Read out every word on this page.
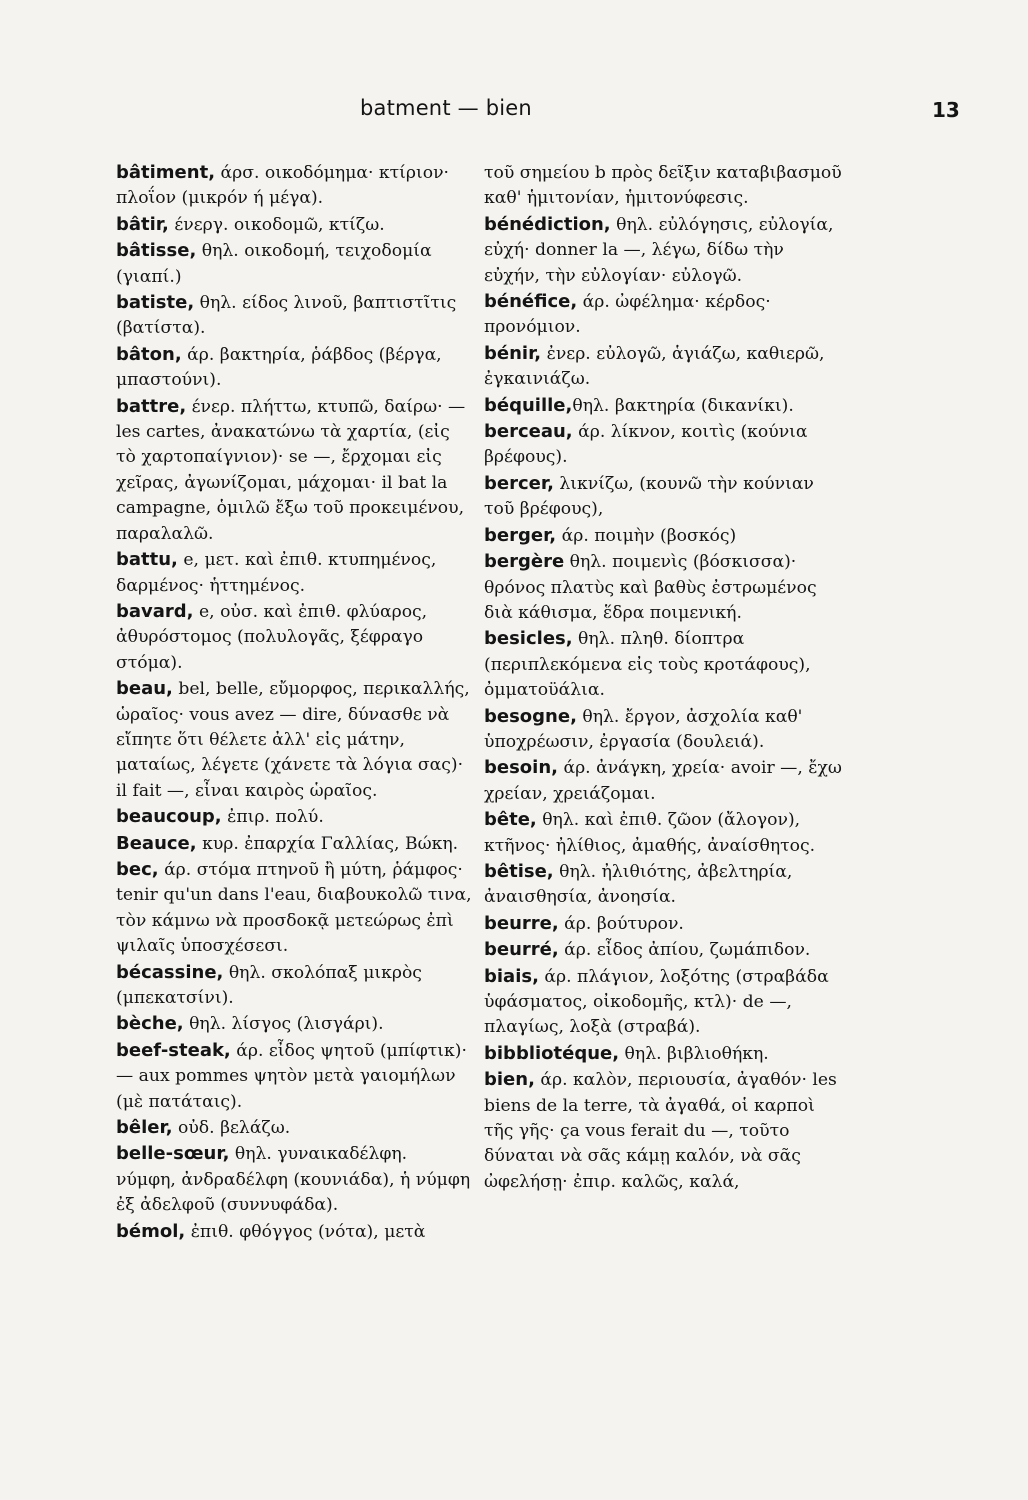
batment — bien	13
bâtiment, άρσ. οικοδόμημα· κτίριον· πλοΐον (μικρόν ή μέγα).
bâtir, ένεργ. οικοδομῶ, κτίζω.
bâtisse, θηλ. οικοδομή, τειχοδομία (γιαπί.)
batiste, θηλ. είδος λινοῦ, βαπτιστῖτις (βατίστα).
bâton, άρ. βακτηρία, ῥάβδος (βέργα, μπαστούνι).
battre, ένερ. πλήττω, κτυπῶ, δαίρω· — les cartes, ἀνακατώνω τὰ χαρτία, (εἰς τὸ χαρτοπαίγνιον)· se —, ἔρχομαι εἰς χεῖρας, ἀγωνίζομαι, μάχομαι· il bat la campagne, ὁμιλῶ ἔξω τοῦ προκειμένου, παραλαλῶ.
battu, e, μετ. καὶ ἐπιθ. κτυπημένος, δαρμένος· ἡττημένος.
bavard, e, οὐσ. καὶ ἐπιθ. φλύαρος, ἀθυρόστομος (πολυλογᾶς, ξέφραγο στόμα).
beau, bel, belle, εὔμορφος, περικαλλής, ὡραῖος· vous avez — dire, δύνασθε νὰ εἴπητε ὅτι θέλετε ἀλλ' εἰς μάτην, ματαίως, λέγετε (χάνετε τὰ λόγια σας)· il fait —, εἶναι καιρὸς ὡραῖος.
beaucoup, ἐπιρ. πολύ.
Beauce, κυρ. ἐπαρχία Γαλλίας, Βώκη.
bec, άρ. στόμα πτηνοῦ ἢ μύτη, ῥάμφος· tenir qu'un dans l'eau, διαβουκολῶ τινα, τὸν κάμνω νὰ προσδοκᾷ μετεώρως ἐπὶ ψιλαῖς ὑποσχέσεσι.
bécassine, θηλ. σκολόπαξ μικρὸς (μπεκατσίνι).
bèche, θηλ. λίσγος (λισγάρι).
beef-steak, άρ. εἶδος ψητοῦ (μπίφτικ)· — aux pommes ψητὸν μετὰ γαιομήλων (μὲ πατάταις).
bêler, οὐδ. βελάζω.
belle-sœur, θηλ. γυναικαδέλφη. νύμφη, ἀνδραδέλφη (κουνιάδα), ἡ νύμφη ἐξ ἀδελφοῦ (συννυφάδα).
bémol, ἐπιθ. φθόγγος (νότα), μετὰ
τοῦ σημείου b πρὸς δεῖξιν καταβιβασμοῦ καθ' ἡμιτονίαν, ἡμιτονύφεσις.
bénédiction, θηλ. εὐλόγησις, εὐλογία, εὐχή· donner la —, λέγω, δίδω τὴν εὐχήν, τὴν εὐλογίαν· εὐλογῶ.
bénéfice, άρ. ὠφέλημα· κέρδος· προνόμιον.
bénir, ἐνερ. εὐλογῶ, ἁγιάζω, καθιερῶ, ἐγκαινιάζω.
béquille,θηλ. βακτηρία (δικανίκι).
berceau, άρ. λίκνον, κοιτὶς (κούνια βρέφους).
bercer, λικνίζω, (κουνῶ τὴν κούνιαν τοῦ βρέφους),
berger, άρ. ποιμὴν (βοσκός)
bergère θηλ. ποιμενὶς (βόσκισσα)· θρόνος πλατὺς καὶ βαθὺς ἐστρωμένος διὰ κάθισμα, ἕδρα ποιμενική.
besicles, θηλ. πληθ. δίοπτρα (περιπλεκόμενα εἰς τοὺς κροτάφους), ὀμματοϋάλια.
besogne, θηλ. ἔργον, ἀσχολία καθ' ὑποχρέωσιν, ἐργασία (δουλειά).
besoin, άρ. ἀνάγκη, χρεία· avoir —, ἔχω χρείαν, χρειάζομαι.
bête, θηλ. καὶ ἐπιθ. ζῶον (ἄλογον), κτῆνος· ἠλίθιος, ἀμαθής, ἀναίσθητος.
bêtise, θηλ. ἠλιθιότης, ἀβελτηρία, ἀναισθησία, ἀνοησία.
beurre, άρ. βούτυρον.
beurré, άρ. εἶδος ἀπίου, ζωμάπιδον.
biais, άρ. πλάγιον, λοξότης (στραβάδα ὑφάσματος, οἰκοδομῆς, κτλ)· de —, πλαγίως, λοξὰ (στραβά).
bibbliotéque, θηλ. βιβλιοθήκη.
bien, άρ. καλὸν, περιουσία, ἀγαθόν· les biens de la terre, τὰ ἀγαθά, οἱ καρποὶ τῆς γῆς· ça vous ferait du —, τοῦτο δύναται νὰ σᾶς κάμῃ καλόν, νὰ σᾶς ὠφελήσῃ· ἐπιρ. καλῶς, καλά,
